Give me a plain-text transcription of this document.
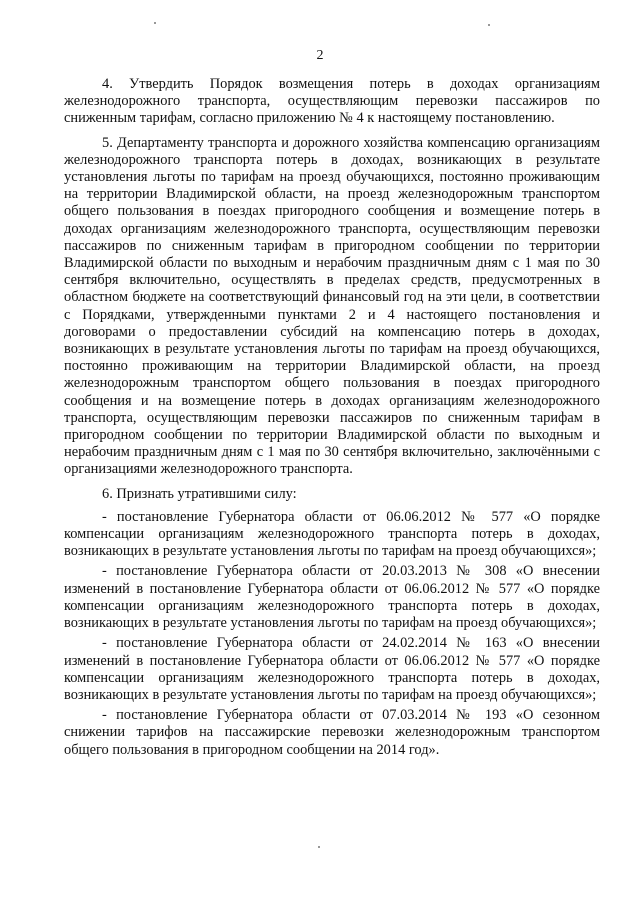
2

4. Утвердить Порядок возмещения потерь в доходах организациям железнодорожного транспорта, осуществляющим перевозки пассажиров по сниженным тарифам, согласно приложению № 4 к настоящему постановлению.

5. Департаменту транспорта и дорожного хозяйства компенсацию организациям железнодорожного транспорта потерь в доходах, возникающих в результате установления льготы по тарифам на проезд обучающихся, постоянно проживающим на территории Владимирской области, на проезд железнодорожным транспортом общего пользования в поездах пригородного сообщения и возмещение потерь в доходах организациям железнодорожного транспорта, осуществляющим перевозки пассажиров по сниженным тарифам в пригородном сообщении по территории Владимирской области по выходным и нерабочим праздничным дням с 1 мая по 30 сентября включительно, осуществлять в пределах средств, предусмотренных в областном бюджете на соответствующий финансовый год на эти цели, в соответствии с Порядками, утвержденными пунктами 2 и 4 настоящего постановления и договорами о предоставлении субсидий на компенсацию потерь в доходах, возникающих в результате установления льготы по тарифам на проезд обучающихся, постоянно проживающим на территории Владимирской области, на проезд железнодорожным транспортом общего пользования в поездах пригородного сообщения и на возмещение потерь в доходах организациям железнодорожного транспорта, осуществляющим перевозки пассажиров по сниженным тарифам в пригородном сообщении по территории Владимирской области по выходным и нерабочим праздничным дням с 1 мая по 30 сентября включительно, заключёнными с организациями железнодорожного транспорта.

6. Признать утратившими силу:

- постановление Губернатора области от 06.06.2012 № 577 «О порядке компенсации организациям железнодорожного транспорта потерь в доходах, возникающих в результате установления льготы по тарифам на проезд обучающихся»;

- постановление Губернатора области от 20.03.2013 № 308 «О внесении изменений в постановление Губернатора области от 06.06.2012 № 577 «О порядке компенсации организациям железнодорожного транспорта потерь в доходах, возникающих в результате установления льготы по тарифам на проезд обучающихся»;

- постановление Губернатора области от 24.02.2014 № 163 «О внесении изменений в постановление Губернатора области от 06.06.2012 № 577 «О порядке компенсации организациям железнодорожного транспорта потерь в доходах, возникающих в результате установления льготы по тарифам на проезд обучающихся»;

- постановление Губернатора области от 07.03.2014 № 193 «О сезонном снижении тарифов на пассажирские перевозки железнодорожным транспортом общего пользования в пригородном сообщении на 2014 год».
